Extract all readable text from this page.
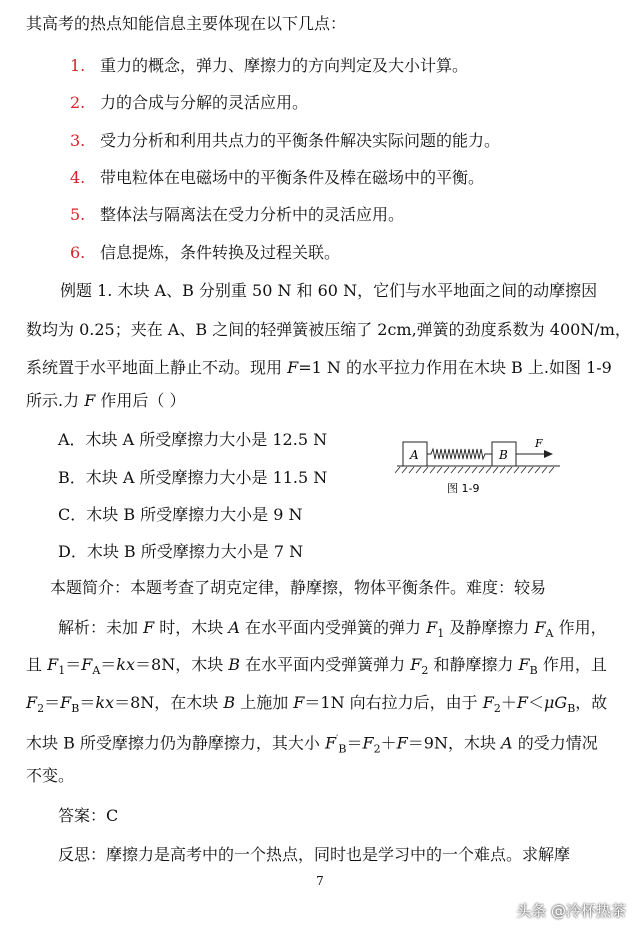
其高考的热点知能信息主要体现在以下几点：
1. 重力的概念，弹力、摩擦力的方向判定及大小计算。
2. 力的合成与分解的灵活应用。
3. 受力分析和利用共点力的平衡条件解决实际问题的能力。
4. 带电粒体在电磁场中的平衡条件及棒在磁场中的平衡。
5. 整体法与隔离法在受力分析中的灵活应用。
6. 信息提炼，条件转换及过程关联。
例题 1. 木块 A、B 分别重 50 N 和 60 N，它们与水平地面之间的动摩擦因
数均为 0.25；夹在 A、B 之间的轻弹簧被压缩了 2cm,弹簧的劲度系数为 400N/m，
系统置于水平地面上静止不动。现用 F=1 N 的水平拉力作用在木块 B 上.如图 1-9
所示.力 F 作用后（ ）
A．木块 A 所受摩擦力大小是 12.5 N
B．木块 A 所受摩擦力大小是 11.5 N
C．木块 B 所受摩擦力大小是 9 N
D．木块 B 所受摩擦力大小是 7 N
A	B
F
图 1-9
本题简介：本题考查了胡克定律，静摩擦，物体平衡条件。难度：较易
解析：未加 F 时，木块 A 在水平面内受弹簧的弹力 $F_1$ 及静摩擦力 $F_A$ 作用，
且 $F_1=F_A=kx=8N$，木块 B 在水平面内受弹簧弹力 $F_2$ 和静摩擦力 $F_B$ 作用，且
$F_2=F_B=kx=8N$，在木块 B 上施加 F＝1N 向右拉力后，由于 $F_2+F<\mu G_B$，故
木块 B 所受摩擦力仍为静摩擦力，其大小 $F'_B=F_2+F=9N$，木块 A 的受力情况
不变。
答案：C
反思：摩擦力是高考中的一个热点，同时也是学习中的一个难点。求解摩
7
头条 @冷杯热茶
